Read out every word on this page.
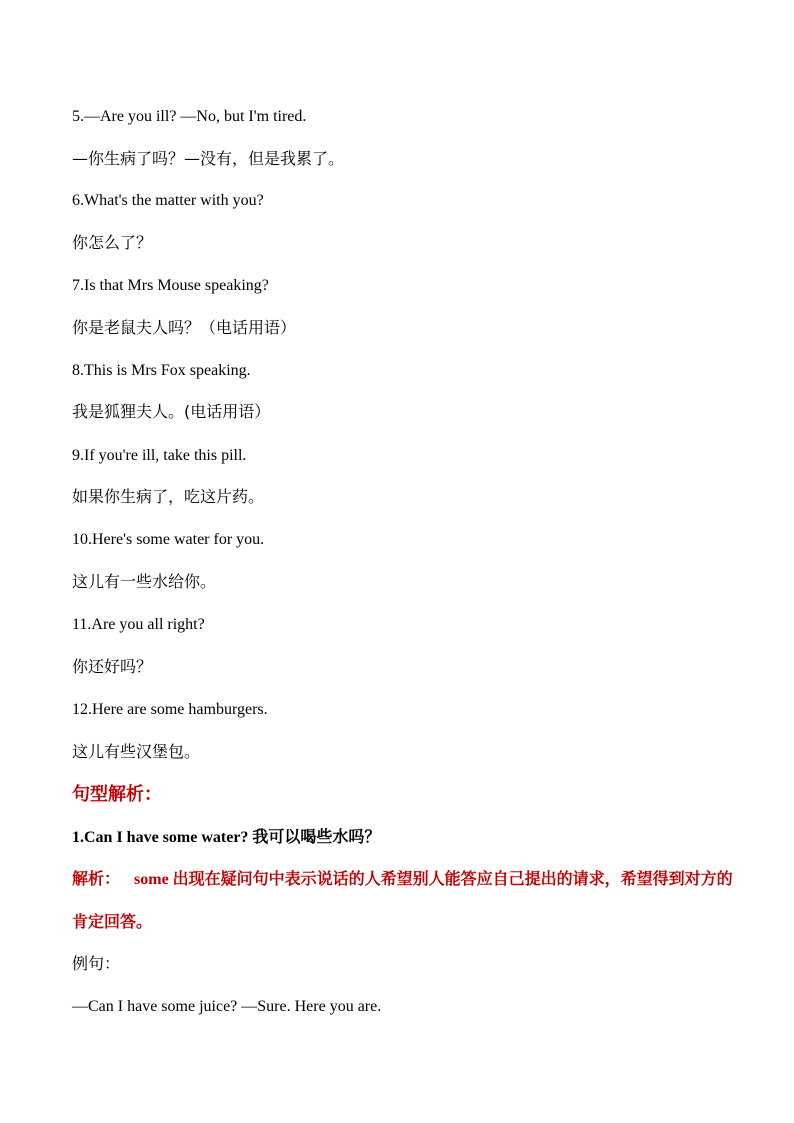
5.—Are you ill? —No, but I'm tired.
—你生病了吗？—没有，但是我累了。
6.What's the matter with you?
你怎么了？
7.Is that Mrs Mouse speaking?
你是老鼠夫人吗？（电话用语）
8.This is Mrs Fox speaking.
我是狐狸夫人。(电话用语）
9.If you're ill, take this pill.
如果你生病了，吃这片药。
10.Here's some water for you.
这儿有一些水给你。
11.Are you all right?
你还好吗？
12.Here are some hamburgers.
这儿有些汉堡包。
句型解析：
1.Can I have some water? 我可以喝些水吗？
解析： some 出现在疑问句中表示说话的人希望别人能答应自己提出的请求，希望得到对方的肯定回答。
例句：
—Can I have some juice? —Sure. Here you are.
